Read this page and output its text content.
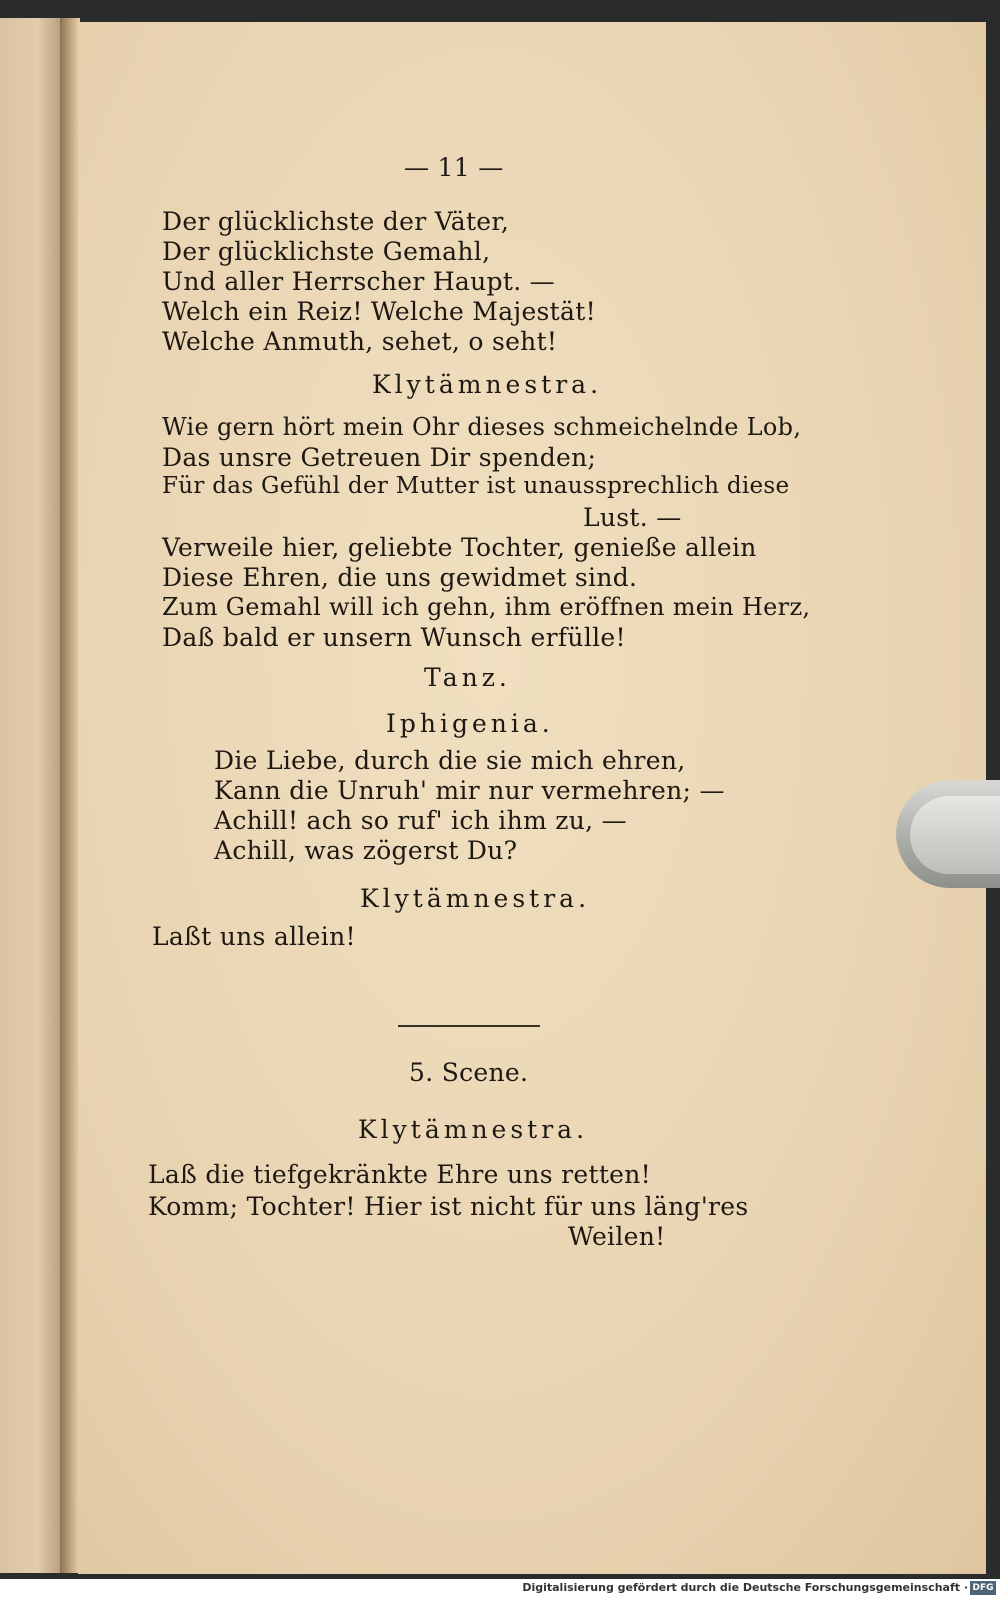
— 11 —
Der glücklichste der Väter,
Der glücklichste Gemahl,
Und aller Herrscher Haupt. —
Welch ein Reiz! Welche Majestät!
Welche Anmuth, sehet, o seht!
Klytämnestra.
Wie gern hört mein Ohr dieses schmeichelnde Lob,
Das unsre Getreuen Dir spenden;
Für das Gefühl der Mutter ist unaussprechlich diese
Lust. —
Verweile hier, geliebte Tochter, genieße allein
Diese Ehren, die uns gewidmet sind.
Zum Gemahl will ich gehn, ihm eröffnen mein Herz,
Daß bald er unsern Wunsch erfülle!
Tanz.
Iphigenia.
Die Liebe, durch die sie mich ehren,
Kann die Unruh' mir nur vermehren; —
Achill! ach so ruf' ich ihm zu, —
Achill, was zögerst Du?
Klytämnestra.
Laßt uns allein!
5. Scene.
Klytämnestra.
Laß die tiefgekränkte Ehre uns retten!
Komm; Tochter! Hier ist nicht für uns läng'res
Weilen!
Digitalisierung gefördert durch die Deutsche Forschungsgemeinschaft · DFG
